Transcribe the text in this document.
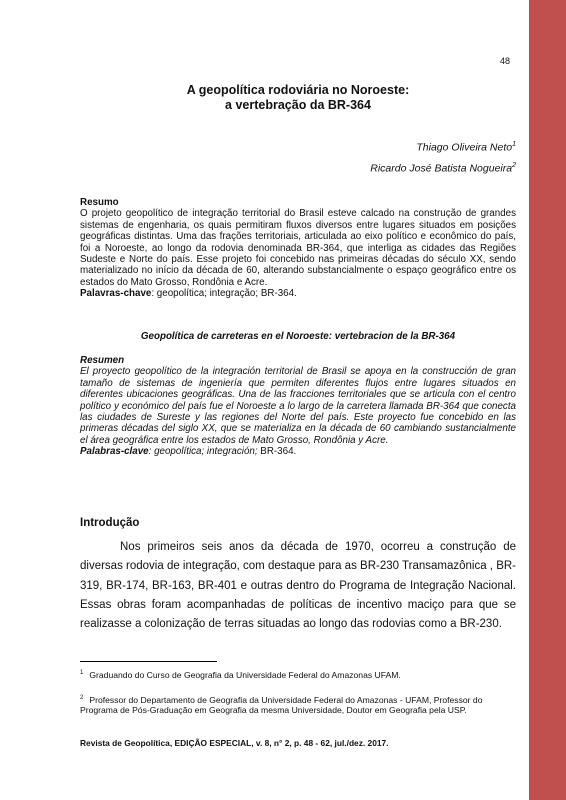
48
A geopolítica rodoviária no Noroeste:
a vertebração da BR-364
Thiago Oliveira Neto$^1$
Ricardo José Batista Nogueira$^2$

Resumo

O projeto geopolítico de integração territorial do Brasil esteve calcado na construção de grandes sistemas de engenharia, os quais permitiram fluxos diversos entre lugares situados em posições geográficas distintas. Uma das frações territoriais, articulada ao eixo político e econômico do país, foi a Noroeste, ao longo da rodovia denominada BR-364, que interliga as cidades das Regiões Sudeste e Norte do país. Esse projeto foi concebido nas primeiras décadas do século XX, sendo materializado no início da década de 60, alterando substancialmente o espaço geográfico entre os estados do Mato Grosso, Rondônia e Acre.

Palavras-chave: geopolítica; integração; BR-364.

Geopolítica de carreteras en el Noroeste: vertebracion de la BR-364

Resumen

El proyecto geopolítico de la integración territorial de Brasil se apoya en la construcción de gran tamaño de sistemas de ingeniería que permiten diferentes flujos entre lugares situados en diferentes ubicaciones geográficas. Una de las fracciones territoriales que se articula con el centro político y económico del país fue el Noroeste a lo largo de la carretera llamada BR-364 que conecta las ciudades de Sureste y las regiones del Norte del país. Este proyecto fue concebido en las primeras décadas del siglo XX, que se materializa en la década de 60 cambiando sustancialmente el área geográfica entre los estados de Mato Grosso, Rondônia y Acre.

Palabras-clave: geopolítica; integración; BR-364.

Introdução

Nos primeiros seis anos da década de 1970, ocorreu a construção de diversas rodovia de integração, com destaque para as BR-230 Transamazônica , BR-319, BR-174, BR-163, BR-401 e outras dentro do Programa de Integração Nacional. Essas obras foram acompanhadas de políticas de incentivo maciço para que se realizasse a colonização de terras situadas ao longo das rodovias como a BR-230.

$^1$ Graduando do Curso de Geografia da Universidade Federal do Amazonas UFAM.
$^2$ Professor do Departamento de Geografia da Universidade Federal do Amazonas - UFAM, Professor do Programa de Pós-Graduação em Geografia da mesma Universidade, Doutor em Geografia pela USP.
Revista de Geopolítica, EDIÇÃO ESPECIAL, v. 8, n° 2, p. 48 - 62, jul./dez. 2017.
